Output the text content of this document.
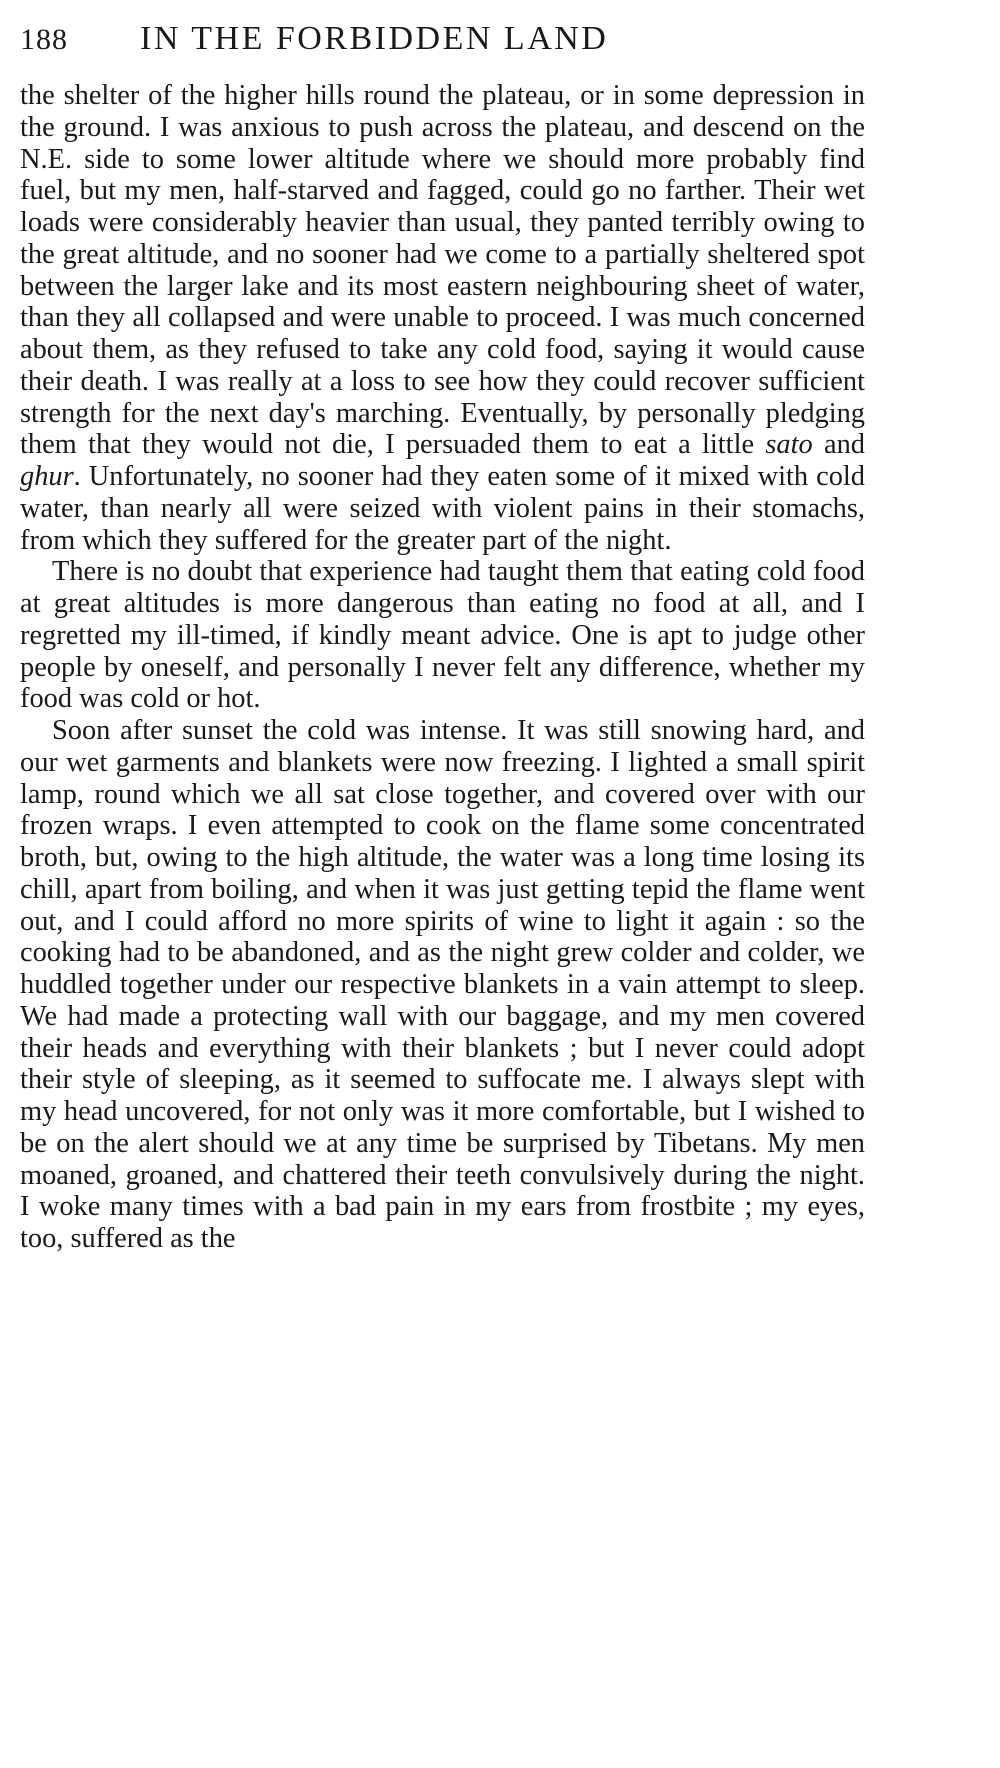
188	IN THE FORBIDDEN LAND

the shelter of the higher hills round the plateau, or in some depression in the ground. I was anxious to push across the plateau, and descend on the N.E. side to some lower altitude where we should more probably find fuel, but my men, half-starved and fagged, could go no farther. Their wet loads were considerably heavier than usual, they panted terribly owing to the great altitude, and no sooner had we come to a partially sheltered spot between the larger lake and its most eastern neighbouring sheet of water, than they all collapsed and were unable to proceed. I was much concerned about them, as they refused to take any cold food, saying it would cause their death. I was really at a loss to see how they could recover sufficient strength for the next day's marching. Eventually, by personally pledging them that they would not die, I persuaded them to eat a little sato and ghur. Unfortunately, no sooner had they eaten some of it mixed with cold water, than nearly all were seized with violent pains in their stomachs, from which they suffered for the greater part of the night.

There is no doubt that experience had taught them that eating cold food at great altitudes is more dangerous than eating no food at all, and I regretted my ill-timed, if kindly meant advice. One is apt to judge other people by oneself, and personally I never felt any difference, whether my food was cold or hot.

Soon after sunset the cold was intense. It was still snowing hard, and our wet garments and blankets were now freezing. I lighted a small spirit lamp, round which we all sat close together, and covered over with our frozen wraps. I even attempted to cook on the flame some concentrated broth, but, owing to the high altitude, the water was a long time losing its chill, apart from boiling, and when it was just getting tepid the flame went out, and I could afford no more spirits of wine to light it again : so the cooking had to be abandoned, and as the night grew colder and colder, we huddled together under our respective blankets in a vain attempt to sleep. We had made a protecting wall with our baggage, and my men covered their heads and everything with their blankets ; but I never could adopt their style of sleeping, as it seemed to suffocate me. I always slept with my head uncovered, for not only was it more comfortable, but I wished to be on the alert should we at any time be surprised by Tibetans. My men moaned, groaned, and chattered their teeth convulsively during the night. I woke many times with a bad pain in my ears from frostbite ; my eyes, too, suffered as the
